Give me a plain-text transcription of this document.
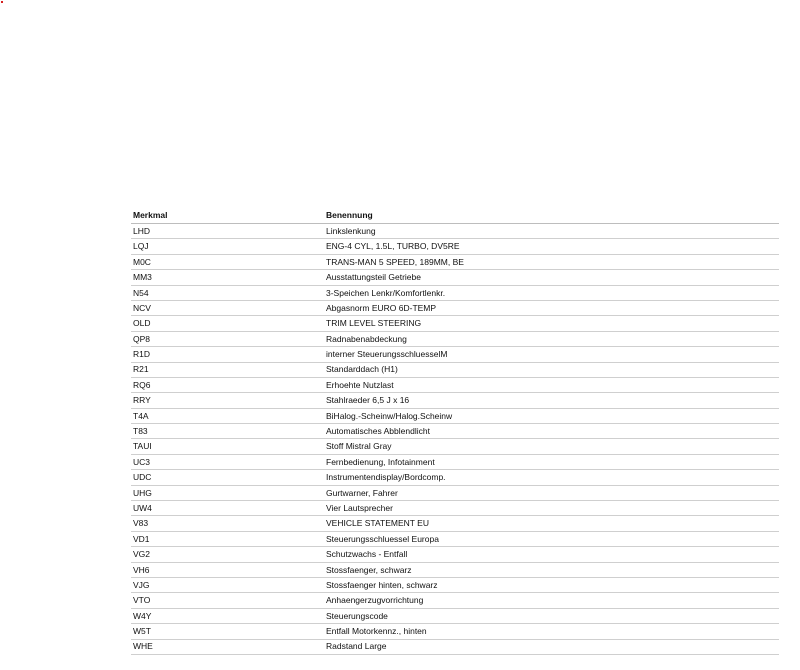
Merkmal	Benennung
LHD	Linkslenkung
LQJ	ENG-4 CYL, 1.5L, TURBO, DV5RE
M0C	TRANS-MAN 5 SPEED, 189MM, BE
MM3	Ausstattungsteil Getriebe
N54	3-Speichen Lenkr/Komfortlenkr.
NCV	Abgasnorm EURO 6D-TEMP
OLD	TRIM LEVEL STEERING
QP8	Radnabenabdeckung
R1D	interner SteuerungsschluesselM
R21	Standarddach (H1)
RQ6	Erhoehte Nutzlast
RRY	Stahlraeder 6,5 J x 16
T4A	BiHalog.-Scheinw/Halog.Scheinw
T83	Automatisches Abblendlicht
TAUI	Stoff Mistral Gray
UC3	Fernbedienung, Infotainment
UDC	Instrumentendisplay/Bordcomp.
UHG	Gurtwarner, Fahrer
UW4	Vier Lautsprecher
V83	VEHICLE STATEMENT EU
VD1	Steuerungsschluessel Europa
VG2	Schutzwachs - Entfall
VH6	Stossfaenger, schwarz
VJG	Stossfaenger hinten, schwarz
VTO	Anhaengerzugvorrichtung
W4Y	Steuerungscode
W5T	Entfall Motorkennz., hinten
WHE	Radstand Large
